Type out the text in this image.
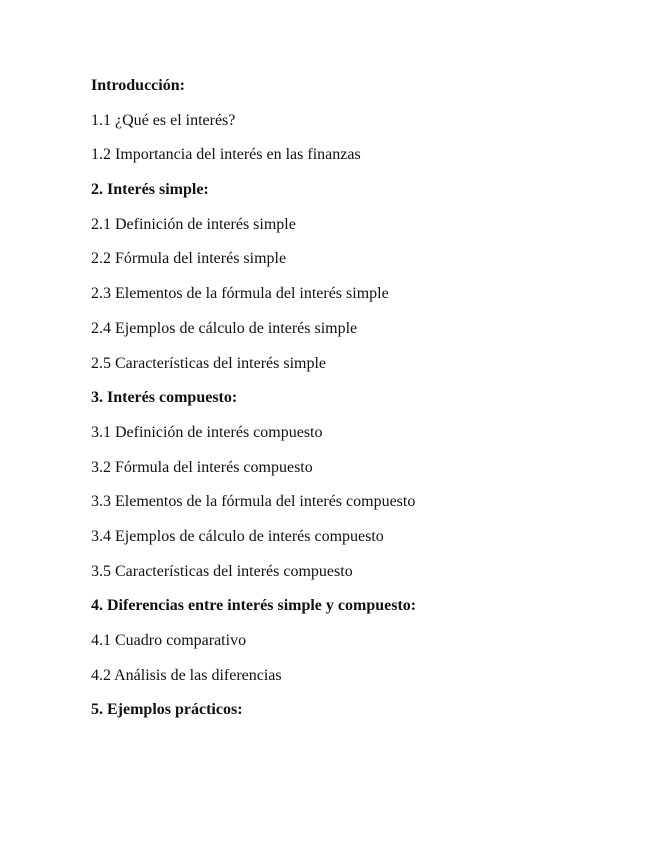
Introducción:
1.1 ¿Qué es el interés?
1.2 Importancia del interés en las finanzas
2. Interés simple:
2.1 Definición de interés simple
2.2 Fórmula del interés simple
2.3 Elementos de la fórmula del interés simple
2.4 Ejemplos de cálculo de interés simple
2.5 Características del interés simple
3. Interés compuesto:
3.1 Definición de interés compuesto
3.2 Fórmula del interés compuesto
3.3 Elementos de la fórmula del interés compuesto
3.4 Ejemplos de cálculo de interés compuesto
3.5 Características del interés compuesto
4. Diferencias entre interés simple y compuesto:
4.1 Cuadro comparativo
4.2 Análisis de las diferencias
5. Ejemplos prácticos:
